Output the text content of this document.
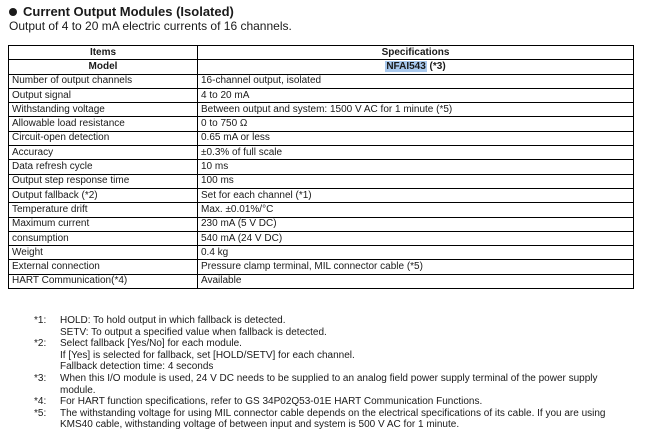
Current Output Modules (Isolated)
Output of 4 to 20 mA electric currents of 16 channels.
Items	Specifications
Model	NFAI543 (*3)
Number of output channels	16-channel output, isolated
Output signal	4 to 20 mA
Withstanding voltage	Between output and system: 1500 V AC for 1 minute (*5)
Allowable load resistance	0 to 750 Ω
Circuit-open detection	0.65 mA or less
Accuracy	±0.3% of full scale
Data refresh cycle	10 ms
Output step response time	100 ms
Output fallback (*2)	Set for each channel (*1)
Temperature drift	Max. ±0.01%/°C
Maximum current	230 mA (5 V DC)
consumption	540 mA (24 V DC)
Weight	0.4 kg
External connection	Pressure clamp terminal, MIL connector cable (*5)
HART Communication(*4)	Available
*1: HOLD: To hold output in which fallback is detected.
SETV: To output a specified value when fallback is detected.
*2: Select fallback [Yes/No] for each module.
If [Yes] is selected for fallback, set [HOLD/SETV] for each channel.
Fallback detection time: 4 seconds
*3: When this I/O module is used, 24 V DC needs to be supplied to an analog field power supply terminal of the power supply module.
*4: For HART function specifications, refer to GS 34P02Q53-01E HART Communication Functions.
*5: The withstanding voltage for using MIL connector cable depends on the electrical specifications of its cable. If you are using KMS40 cable, withstanding voltage of between input and system is 500 V AC for 1 minute.
